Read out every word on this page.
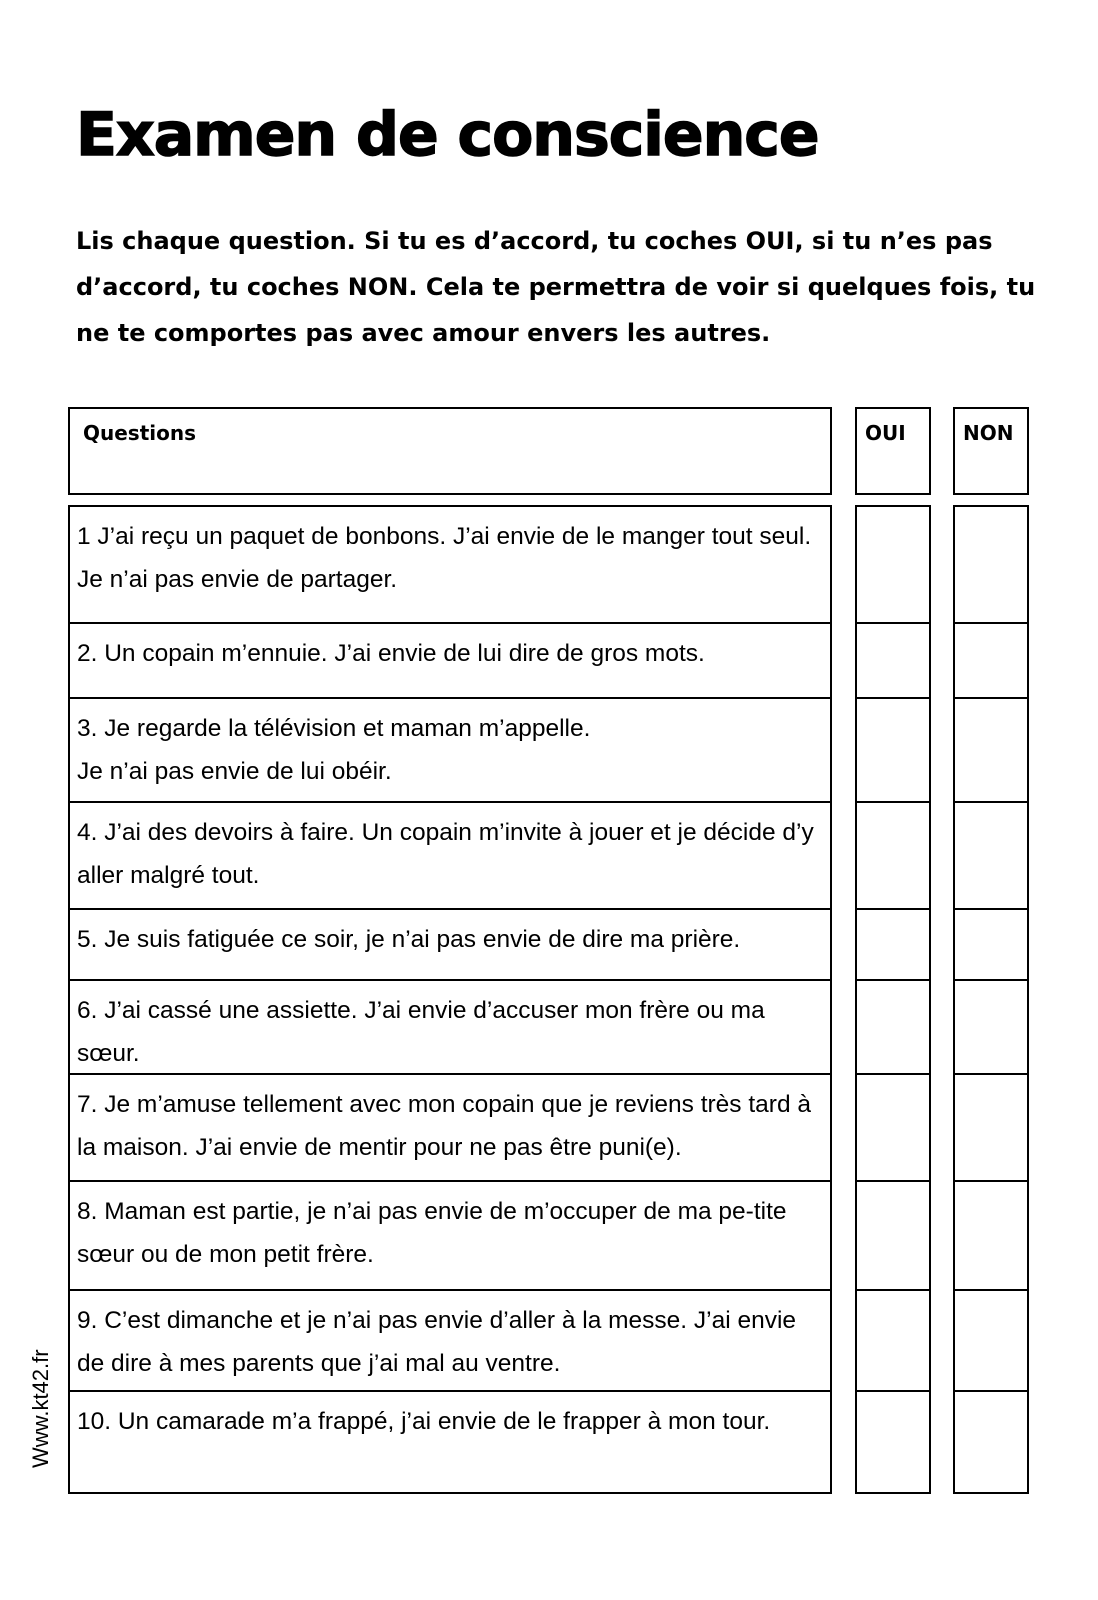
Examen de conscience

Lis chaque question. Si tu es d’accord, tu coches OUI, si tu n’es pas d’accord, tu coches NON. Cela te permettra de voir si quelques fois, tu ne te comportes pas avec amour envers les autres.

Questions	OUI	NON
1 J’ai reçu un paquet de bonbons. J’ai envie de le manger tout seul. Je n’ai pas envie de partager.
2. Un copain m’ennuie. J’ai envie de lui dire de gros mots.
3. Je regarde la télévision et maman m’appelle.
Je n’ai pas envie de lui obéir.
4. J’ai des devoirs à faire. Un copain m’invite à jouer et je décide d’y aller malgré tout.
5. Je suis fatiguée ce soir, je n’ai pas envie de dire ma prière.
6. J’ai cassé une assiette. J’ai envie d’accuser mon frère ou ma sœur.
7. Je m’amuse tellement avec mon copain que je reviens très tard à la maison. J’ai envie de mentir pour ne pas être puni(e).
8. Maman est partie, je n’ai pas envie de m’occuper de ma pe-tite sœur ou de mon petit frère.
9. C’est dimanche et je n’ai pas envie d’aller à la messe. J’ai envie de dire à mes parents que j’ai mal au ventre.
10. Un camarade m’a frappé, j’ai envie de le frapper à mon tour.
Www.kt42.fr
